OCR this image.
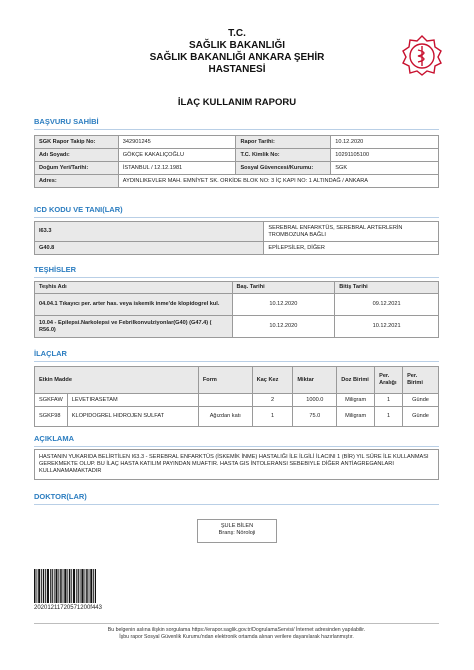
T.C.
SAĞLIK BAKANLIĞI
SAĞLIK BAKANLIĞI ANKARA ŞEHİR
HASTANESİ
İLAÇ KULLANIM RAPORU
BAŞVURU SAHİBİ
SGK Rapor Takip No:	342901245	Rapor Tarihi:	10.12.2020
Adı Soyadı:	GÖKÇE KAKALIÇOĞLU	T.C. Kimlik No:	10291105100
Doğum Yeri/Tarihi:	İSTANBUL / 12.12.1981	Sosyal Güvencesi/Kurumu:	SGK
Adres:	AYDINLIKEVLER MAH. EMNİYET SK. ORKİDE BLOK NO: 3 İÇ KAPI NO: 1 ALTINDAĞ / ANKARA		
ICD KODU VE TANI(LAR)
I63.3	SEREBRAL ENFARKTÜS, SEREBRAL ARTERLERİN TROMBOZUNA BAĞLI
G40.8	EPİLEPSİLER, DİĞER
TEŞHİSLER
Teşhis Adı	Baş. Tarihi	Bitiş Tarihi
04.04.1 Tıkayıcı per. arter has. veya iskemik inme'de klopidogrel kul.	10.12.2020	09.12.2021
10.04 - Epilepsi.Narkolepsi ve Febrilkonvulziyonlar(G40) (G47.4) ( R56.0)	10.12.2020	10.12.2021
İLAÇLAR
Etkin Madde		Form	Kaç Kez	Miktar	Doz Birimi	Per. Aralığı	Per. Birimi
SGKFAW	LEVETIRASETAM		2	1000.0	Miligram	1	Günde
SGKF98	KLOPIDOGREL HIDROJEN SULFAT	Ağızdan katı	1	75.0	Miligram	1	Günde
AÇIKLAMA
HASTANIN YUKARIDA BELİRTİLEN I63.3 - SEREBRAL ENFARKTÜS (İSKEMİK İNME) HASTALIĞI İLE İLGİLİ İLACINI 1 (BİR) YIL SÜRE İLE KULLANMASI GEREKMEKTE OLUP. BU İLAÇ HASTA KATILIM PAYINDAN MUAFTIR. HASTA GIS İNTOLERANSI SEBEBIYLE DİĞER ANTİAGREGANLARI KULLANAMAMAKTADIR
DOKTOR(LAR)
ŞULE BİLEN
Branş: Nöroloji
20201211720571200f443
Bu belgenin aslına ilişkin sorgulama https://erapor.saglik.gov.tr/DogrulamaServisi/ İnternet adresinden yapılabilir.
İşbu rapor Sosyal Güvenlik Kurumu'ndan elektronik ortamda alınan verilere dayanılarak hazırlanmıştır.
